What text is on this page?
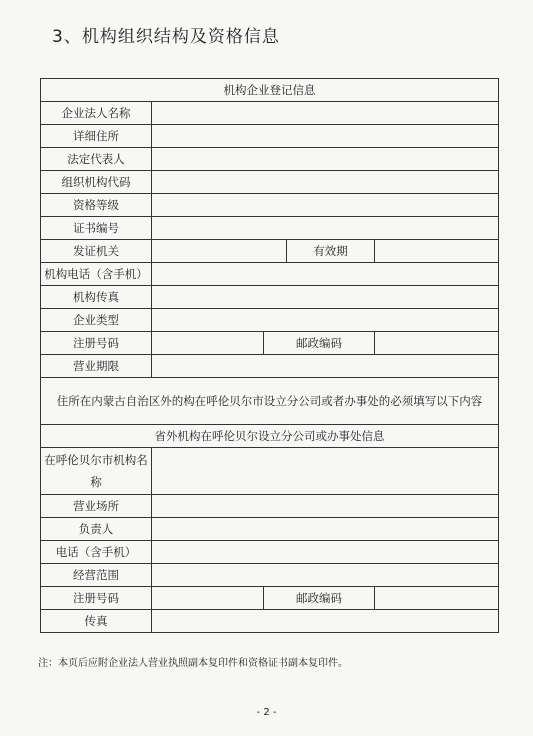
3、机构组织结构及资格信息
机构企业登记信息				
企业法人名称				
详细住所				
法定代表人				
组织机构代码				
资格等级				
证书编号				
发证机关			有效期	
机构电话（含手机）				
机构传真				
企业类型				
注册号码		邮政编码		
营业期限				
住所在内蒙古自治区外的构在呼伦贝尔市设立分公司或者办事处的必须填写以下内容				
省外机构在呼伦贝尔设立分公司或办事处信息				
在呼伦贝尔市机构名称				
营业场所				
负责人				
电话（含手机）				
经营范围				
注册号码		邮政编码		
传真				
注：本页后应附企业法人营业执照副本复印件和资格证书副本复印件。
- 2 -
